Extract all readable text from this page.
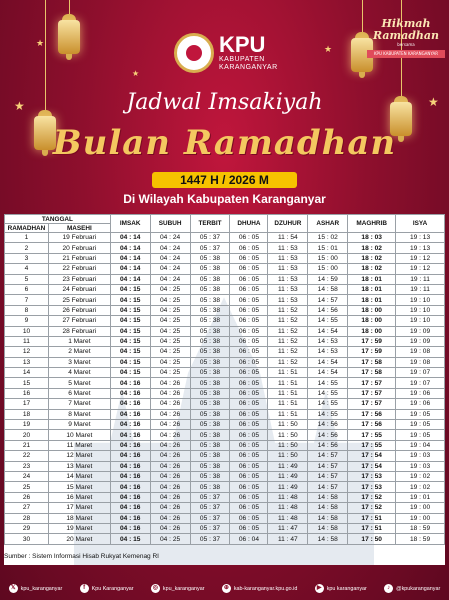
★
★
★
★
★
KPU
KABUPATEN
KARANGANYAR
Hikmah
Ramadhan
bersama
KPU KABUPATEN KARANGANYAR
Jadwal Imsakiyah
Bulan Ramadhan
1447 H / 2026 M
Di Wilayah Kabupaten Karanganyar
TANGGAL		IMSAK	SUBUH	TERBIT	DHUHA	DZUHUR	ASHAR	MAGHRIB	ISYA
RAMADHAN	MASEHI								
1	19 Februari	04 : 14	04 : 24	05 : 37	06 : 05	11 : 54	15 : 02	18 : 03	19 : 13
2	20 Februari	04 : 14	04 : 24	05 : 37	06 : 05	11 : 53	15 : 01	18 : 02	19 : 13
3	21 Februari	04 : 14	04 : 24	05 : 38	06 : 05	11 : 53	15 : 00	18 : 02	19 : 12
4	22 Februari	04 : 14	04 : 24	05 : 38	06 : 05	11 : 53	15 : 00	18 : 02	19 : 12
5	23 Februari	04 : 14	04 : 24	05 : 38	06 : 05	11 : 53	14 : 59	18 : 01	19 : 11
6	24 Februari	04 : 15	04 : 25	05 : 38	06 : 05	11 : 53	14 : 58	18 : 01	19 : 11
7	25 Februari	04 : 15	04 : 25	05 : 38	06 : 05	11 : 53	14 : 57	18 : 01	19 : 10
8	26 Februari	04 : 15	04 : 25	05 : 38	06 : 05	11 : 52	14 : 56	18 : 00	19 : 10
9	27 Februari	04 : 15	04 : 25	05 : 38	06 : 05	11 : 52	14 : 55	18 : 00	19 : 10
10	28 Februari	04 : 15	04 : 25	05 : 38	06 : 05	11 : 52	14 : 54	18 : 00	19 : 09
11	1 Maret	04 : 15	04 : 25	05 : 38	06 : 05	11 : 52	14 : 53	17 : 59	19 : 09
12	2 Maret	04 : 15	04 : 25	05 : 38	06 : 05	11 : 52	14 : 53	17 : 59	19 : 08
13	3 Maret	04 : 15	04 : 25	05 : 38	06 : 05	11 : 52	14 : 54	17 : 58	19 : 08
14	4 Maret	04 : 15	04 : 25	05 : 38	06 : 05	11 : 51	14 : 54	17 : 58	19 : 07
15	5 Maret	04 : 16	04 : 26	05 : 38	06 : 05	11 : 51	14 : 55	17 : 57	19 : 07
16	6 Maret	04 : 16	04 : 26	05 : 38	06 : 05	11 : 51	14 : 55	17 : 57	19 : 06
17	7 Maret	04 : 16	04 : 26	05 : 38	06 : 05	11 : 51	14 : 55	17 : 57	19 : 06
18	8 Maret	04 : 16	04 : 26	05 : 38	06 : 05	11 : 51	14 : 55	17 : 56	19 : 05
19	9 Maret	04 : 16	04 : 26	05 : 38	06 : 05	11 : 50	14 : 56	17 : 56	19 : 05
20	10 Maret	04 : 16	04 : 26	05 : 38	06 : 05	11 : 50	14 : 56	17 : 55	19 : 05
21	11 Maret	04 : 16	04 : 26	05 : 38	06 : 05	11 : 50	14 : 56	17 : 55	19 : 04
22	12 Maret	04 : 16	04 : 26	05 : 38	06 : 05	11 : 50	14 : 57	17 : 54	19 : 03
23	13 Maret	04 : 16	04 : 26	05 : 38	06 : 05	11 : 49	14 : 57	17 : 54	19 : 03
24	14 Maret	04 : 16	04 : 26	05 : 38	06 : 05	11 : 49	14 : 57	17 : 53	19 : 02
25	15 Maret	04 : 16	04 : 26	05 : 38	06 : 05	11 : 49	14 : 57	17 : 53	19 : 02
26	16 Maret	04 : 16	04 : 26	05 : 37	06 : 05	11 : 48	14 : 58	17 : 52	19 : 01
27	17 Maret	04 : 16	04 : 26	05 : 37	06 : 05	11 : 48	14 : 58	17 : 52	19 : 00
28	18 Maret	04 : 16	04 : 26	05 : 37	06 : 05	11 : 48	14 : 58	17 : 51	19 : 00
29	19 Maret	04 : 16	04 : 26	05 : 37	06 : 05	11 : 47	14 : 58	17 : 51	18 : 59
30	20 Maret	04 : 15	04 : 25	05 : 37	06 : 04	11 : 47	14 : 58	17 : 50	18 : 59
Sumber : Sistem Informasi Hisab Rukyat Kemenag RI
𝕏 kpu_karanganyar	f	Kpu Karanganyar	◎ kpu_karanganyar	⊕ kab-karanganyar.kpu.go.id	▶ kpu karanganyar	♪	@kpukaranganyar
